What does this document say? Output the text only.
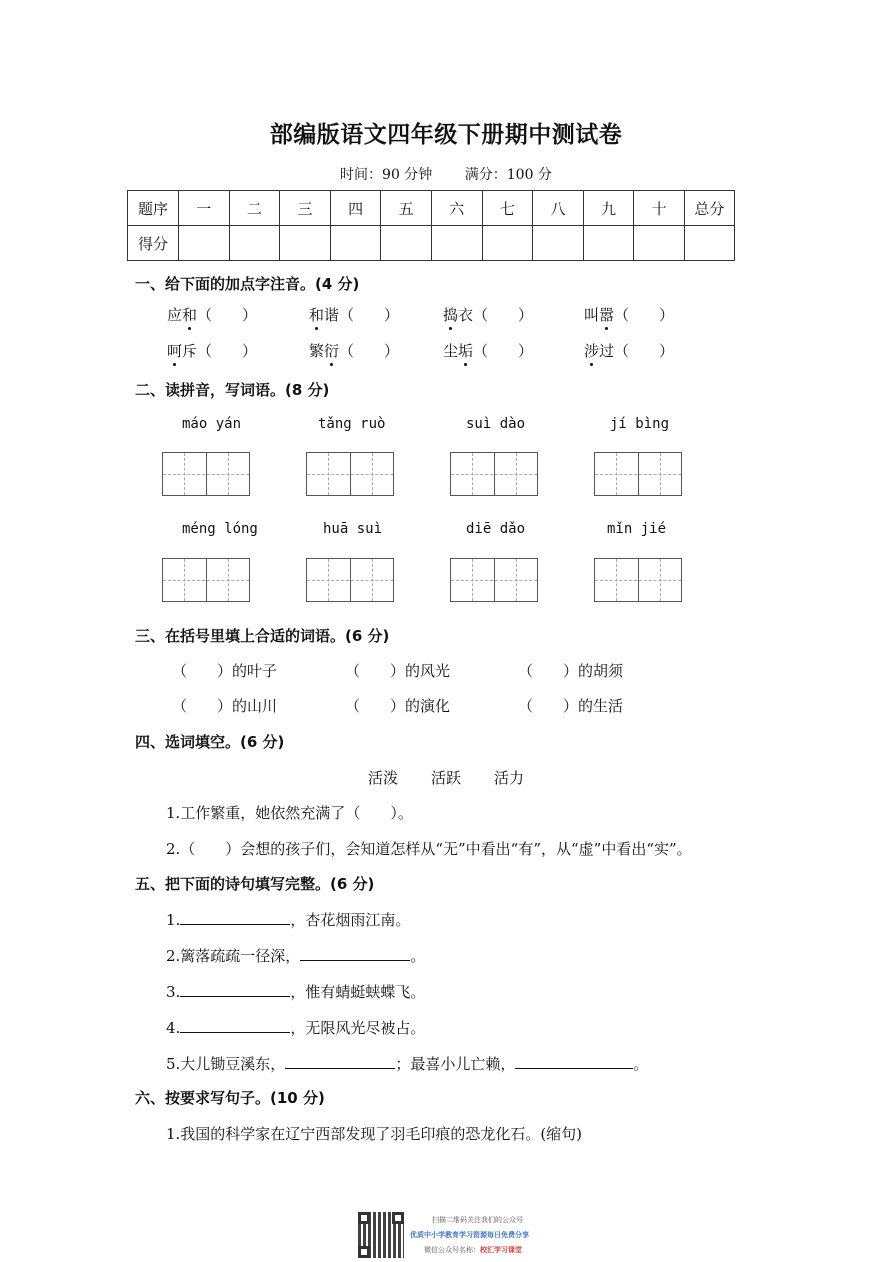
部编版语文四年级下册期中测试卷
时间：90 分钟 满分：100 分
题序	一	二	三	四	五	六	七	八	九	十	总分
得分											
一、给下面的加点字注音。(4 分)
应和（　　）	和谐（　　）	捣衣（　　）	叫嚣（　　）
呵斥（　　）	繁衍（　　）	尘垢（　　）	涉过（　　）
二、读拼音，写词语。(8 分)
máo yán	tǎng ruò	suì dào	jí bìng
méng lóng	huā suì	diē dǎo	mǐn jié
三、在括号里填上合适的词语。(6 分)
（　　）的叶子	（　　）的风光	（　　）的胡须
（　　）的山川	（　　）的演化	（　　）的生活
四、选词填空。(6 分)
活泼 活跃 活力
1.工作繁重，她依然充满了（　　）。
2.（　　）会想的孩子们，会知道怎样从“无”中看出“有”，从“虚”中看出“实”。
五、把下面的诗句填写完整。(6 分)
1.	，杏花烟雨江南。
2.篱落疏疏一径深，	。
3.	，惟有蜻蜓蛱蝶飞。
4.	，无限风光尽被占。
5.大儿锄豆溪东，	；最喜小儿亡赖，	。
六、按要求写句子。(10 分)
1.我国的科学家在辽宁西部发现了羽毛印痕的恐龙化石。(缩句)
扫描二维码关注我们的公众号
优质中小学教育学习资源每日免费分享
微信公众号名称：校汇学习课堂
